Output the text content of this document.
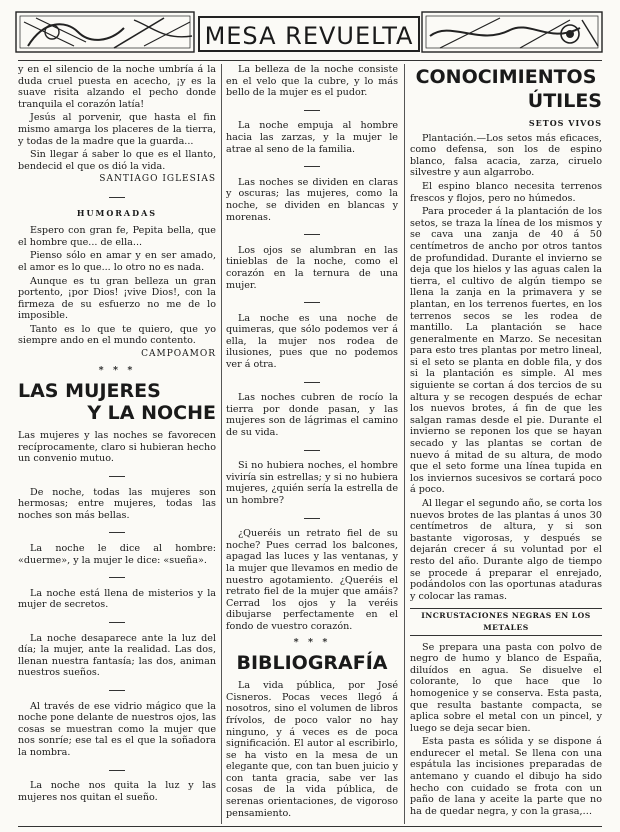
MESA REVUELTA

y en el silencio de la noche umbría á la duda cruel puesta en acecho, ¡y es la suave risita alzando el pecho donde tranquila el corazón latía!

Jesús al porvenir, que hasta el fin mismo amarga los placeres de la tierra, y todas de la madre que la guarda...

Sin llegar á saber lo que es el llanto, bendecid el que os dió la vida.

SANTIAGO IGLESIAS
HUMORADAS

Espero con gran fe, Pepita bella, que el hombre que... de ella...

Pienso sólo en amar y en ser amado, el amor es lo que... lo otro no es nada.

Aunque es tu gran belleza un gran portento, ¡por Dios! ¡vive Dios!, con la firmeza de su esfuerzo no me de lo imposible.

Tanto es lo que te quiero, que yo siempre ando en el mundo contento.

CAMPOAMOR
* * *
LAS MUJERES
Y LA NOCHE

Las mujeres y las noches se favorecen recíprocamente, claro si hubieran hecho un convenio mutuo.

De noche, todas las mujeres son hermosas; entre mujeres, todas las noches son más bellas.

La noche le dice al hombre: «duerme», y la mujer le dice: «sueña».

La noche está llena de misterios y la mujer de secretos.

La noche desaparece ante la luz del día; la mujer, ante la realidad. Las dos, llenan nuestra fantasía; las dos, animan nuestros sueños.

Al través de ese vidrio mágico que la noche pone delante de nuestros ojos, las cosas se muestran como la mujer que nos sonríe; ese tal es el que la soñadora la nombra.

La noche nos quita la luz y las mujeres nos quitan el sueño.

La belleza de la noche consiste en el velo que la cubre, y lo más bello de la mujer es el pudor.

La noche empuja al hombre hacia las zarzas, y la mujer le atrae al seno de la familia.

Las noches se dividen en claras y oscuras; las mujeres, como la noche, se dividen en blancas y morenas.

Los ojos se alumbran en las tinieblas de la noche, como el corazón en la ternura de una mujer.

La noche es una noche de quimeras, que sólo podemos ver á ella, la mujer nos rodea de ilusiones, pues que no podemos ver á otra.

Las noches cubren de rocío la tierra por donde pasan, y las mujeres son de lágrimas el camino de su vida.

Si no hubiera noches, el hombre viviría sin estrellas; y si no hubiera mujeres, ¿quién sería la estrella de un hombre?

¿Queréis un retrato fiel de su noche? Pues cerrad los balcones, apagad las luces y las ventanas, y la mujer que llevamos en medio de nuestro agotamiento. ¿Queréis el retrato fiel de la mujer que amáis? Cerrad los ojos y la veréis dibujarse perfectamente en el fondo de vuestro corazón.

* * *
BIBLIOGRAFÍA

La vida pública, por José Cisneros. Pocas veces llegó á nosotros, sino el volumen de libros frívolos, de poco valor no hay ninguno, y á veces es de poca significación. El autor al escribirlo, se ha visto en la mesa de un elegante que, con tan buen juicio y con tanta gracia, sabe ver las cosas de la vida pública, de serenas orientaciones, de vigoroso pensamiento.

CONOCIMIENTOS
ÚTILES
SETOS VIVOS

Plantación.—Los setos más eficaces, como defensa, son los de espino blanco, falsa acacia, zarza, ciruelo silvestre y aun algarrobo.

El espino blanco necesita terrenos frescos y flojos, pero no húmedos.

Para proceder á la plantación de los setos, se traza la línea de los mismos y se cava una zanja de 40 á 50 centímetros de ancho por otros tantos de profundidad. Durante el invierno se deja que los hielos y las aguas calen la tierra, el cultivo de algún tiempo se llena la zanja en la primavera y se plantan, en los terrenos fuertes, en los terrenos secos se les rodea de mantillo. La plantación se hace generalmente en Marzo. Se necesitan para esto tres plantas por metro lineal, si el seto se planta en doble fila, y dos si la plantación es simple. Al mes siguiente se cortan á dos tercios de su altura y se recogen después de echar los nuevos brotes, á fin de que les salgan ramas desde el pie. Durante el invierno se reponen los que se hayan secado y las plantas se cortan de nuevo á mitad de su altura, de modo que el seto forme una línea tupida en los inviernos sucesivos se cortará poco á poco.

Al llegar el segundo año, se corta los nuevos brotes de las plantas á unos 30 centímetros de altura, y si son bastante vigorosas, y después se dejarán crecer á su voluntad por el resto del año. Durante algo de tiempo se procede á preparar el enrejado, podándolos con las oportunas ataduras y colocar las ramas.

INCRUSTACIONES NEGRAS EN LOS METALES

Se prepara una pasta con polvo de negro de humo y blanco de España, diluídos en agua. Se disuelve el colorante, lo que hace que lo homogenice y se conserva. Esta pasta, que resulta bastante compacta, se aplica sobre el metal con un pincel, y luego se deja secar bien.

Esta pasta es sólida y se dispone á endurecer el metal. Se llena con una espátula las incisiones preparadas de antemano y cuando el dibujo ha sido hecho con cuidado se frota con un paño de lana y aceite la parte que no ha de quedar negra, y con la grasa,…
